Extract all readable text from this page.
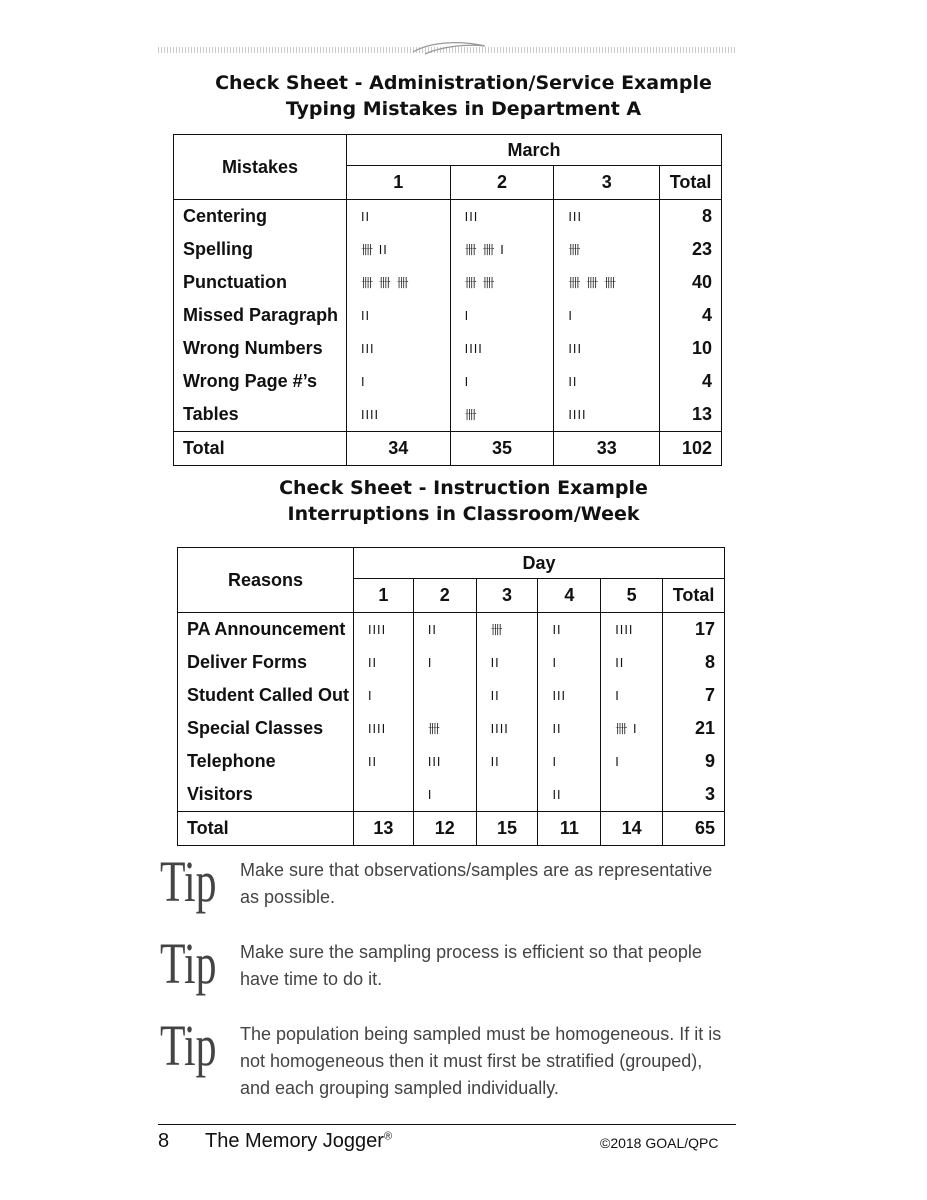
Check Sheet - Administration/Service Example
Typing Mistakes in Department A
Mistakes	March			
	1	2	3	Total
Centering	II	III	III	8
Spelling	卌 II	卌 卌 I	卌	23
Punctuation	卌 卌 卌	卌 卌	卌 卌 卌	40
Missed Paragraph	II	I	I	4
Wrong Numbers	III	IIII	III	10
Wrong Page #’s	I	I	II	4
Tables	IIII	卌	IIII	13
Total	34	35	33	102
Check Sheet - Instruction Example
Interruptions in Classroom/Week
Reasons	Day					
	1	2	3	4	5	Total
PA Announcement	IIII	II	卌	II	IIII	17
Deliver Forms	II	I	II	I	II	8
Student Called Out	I		II	III	I	7
Special Classes	IIII	卌	IIII	II	卌 I	21
Telephone	II	III	II	I	I	9
Visitors		I		II		3
Total	13	12	15	11	14	65
Tip Make sure that observations/samples are as representative as possible.
Tip Make sure the sampling process is efficient so that people have time to do it.
Tip The population being sampled must be homogeneous. If it is not homogeneous then it must first be stratified (grouped), and each grouping sampled individually.
8 The Memory Jogger®	©2018 GOAL/QPC
